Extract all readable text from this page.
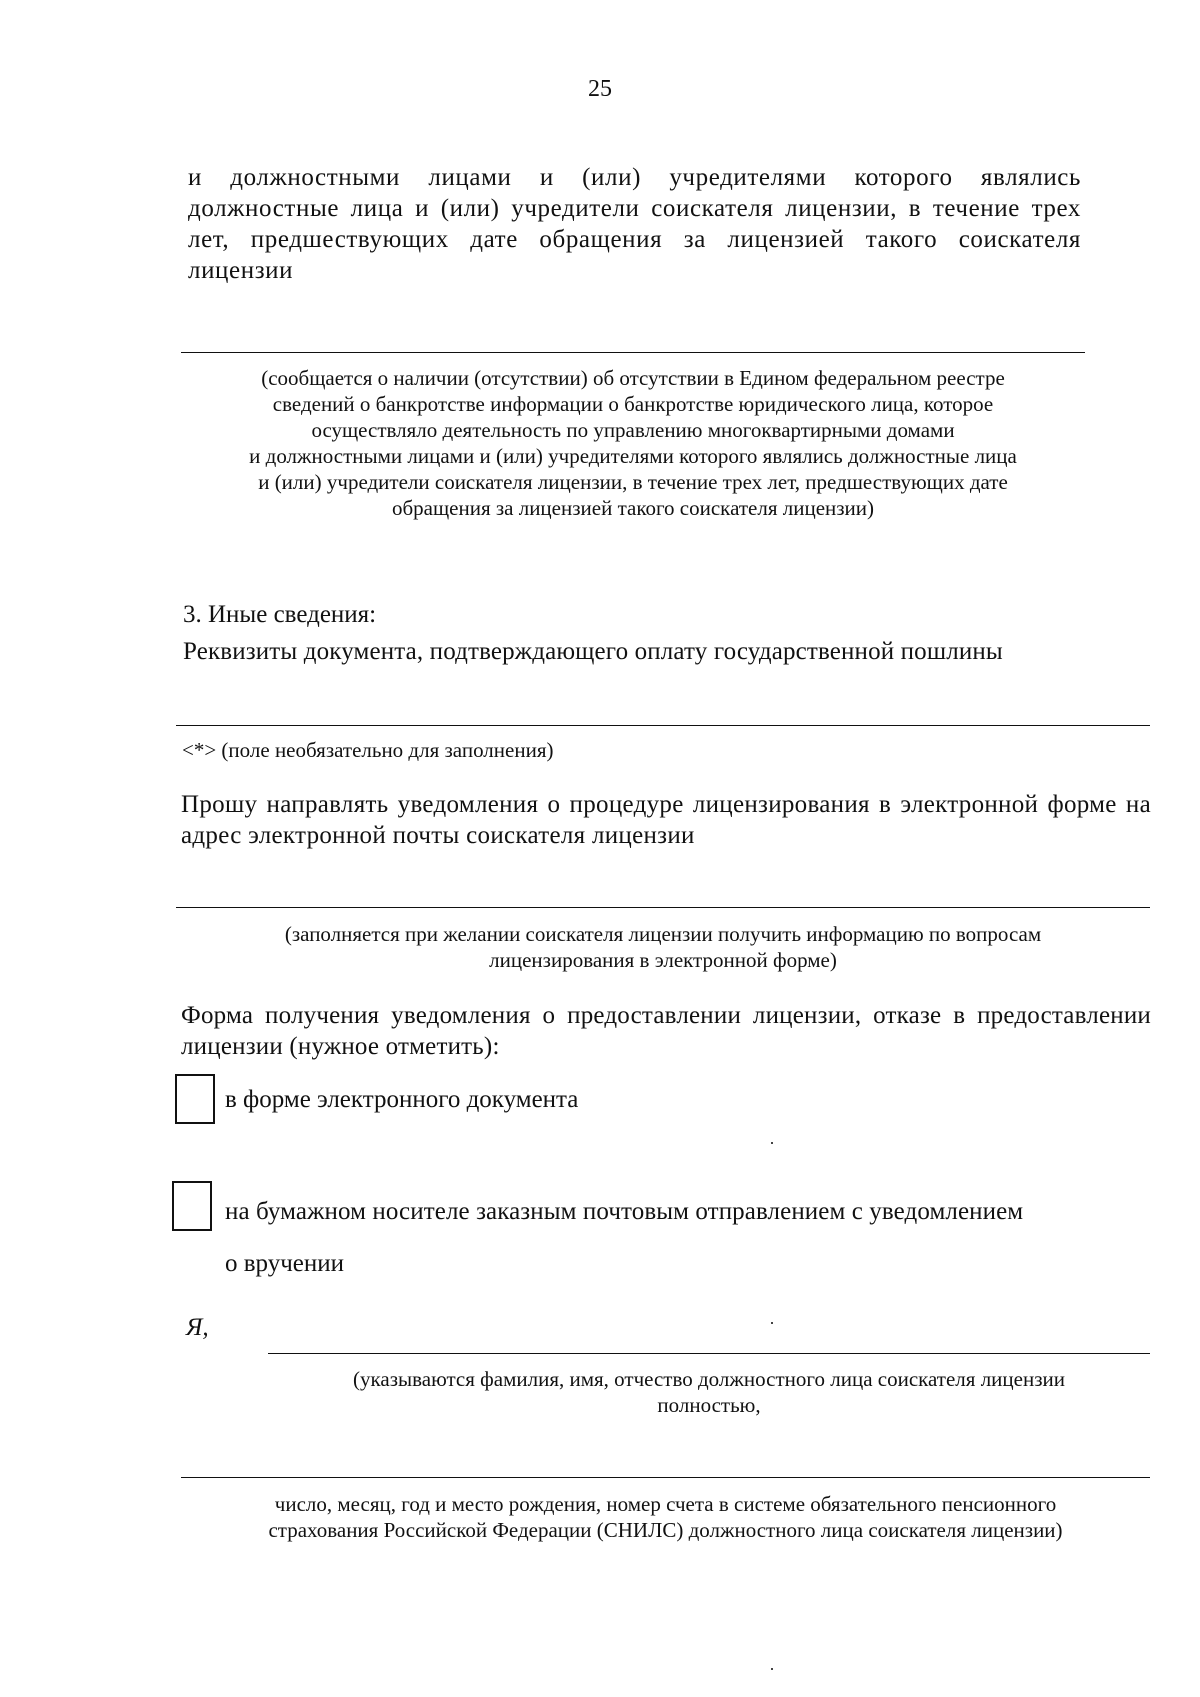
25
и должностными лицами и (или) учредителями которого являлись должностные лица и (или) учредители соискателя лицензии, в течение трех лет, предшествующих дате обращения за лицензией такого соискателя лицензии
(сообщается о наличии (отсутствии) об отсутствии в Едином федеральном реестре
сведений о банкротстве информации о банкротстве юридического лица, которое
осуществляло деятельность по управлению многоквартирными домами
и должностными лицами и (или) учредителями которого являлись должностные лица
и (или) учредители соискателя лицензии, в течение трех лет, предшествующих дате
обращения за лицензией такого соискателя лицензии)
3. Иные сведения:
Реквизиты документа, подтверждающего оплату государственной пошлины
<*> (поле необязательно для заполнения)
Прошу направлять уведомления о процедуре лицензирования в электронной форме на адрес электронной почты соискателя лицензии
(заполняется при желании соискателя лицензии получить информацию по вопросам
лицензирования в электронной форме)
Форма получения уведомления о предоставлении лицензии, отказе в предоставлении лицензии (нужное отметить):
в форме электронного документа
на бумажном носителе заказным почтовым отправлением с уведомлением
о вручении
Я,
(указываются фамилия, имя, отчество должностного лица соискателя лицензии
полностью,
число, месяц, год и место рождения, номер счета в системе обязательного пенсионного
страхования Российской Федерации (СНИЛС) должностного лица соискателя лицензии)
